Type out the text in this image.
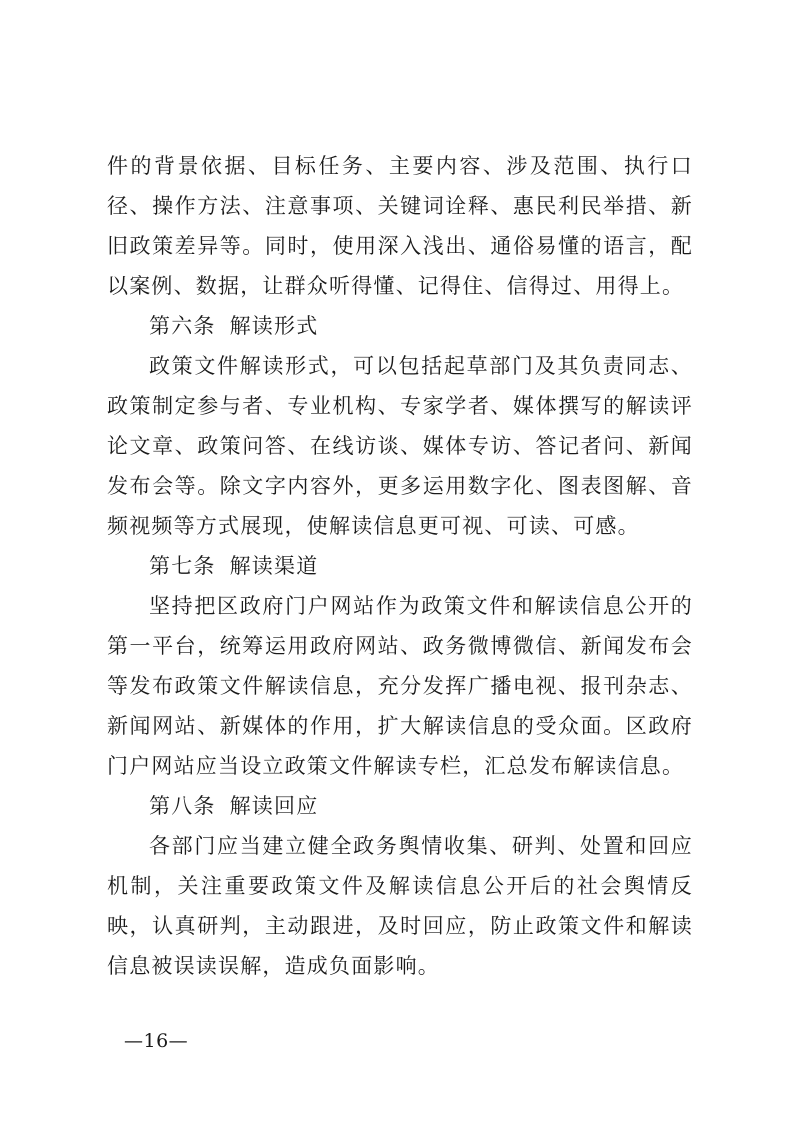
件的背景依据、目标任务、主要内容、涉及范围、执行口径、操作方法、注意事项、关键词诠释、惠民利民举措、新旧政策差异等。同时，使用深入浅出、通俗易懂的语言，配以案例、数据，让群众听得懂、记得住、信得过、用得上。

第六条 解读形式

政策文件解读形式，可以包括起草部门及其负责同志、政策制定参与者、专业机构、专家学者、媒体撰写的解读评论文章、政策问答、在线访谈、媒体专访、答记者问、新闻发布会等。除文字内容外，更多运用数字化、图表图解、音频视频等方式展现，使解读信息更可视、可读、可感。

第七条 解读渠道

坚持把区政府门户网站作为政策文件和解读信息公开的第一平台，统筹运用政府网站、政务微博微信、新闻发布会等发布政策文件解读信息，充分发挥广播电视、报刊杂志、新闻网站、新媒体的作用，扩大解读信息的受众面。区政府门户网站应当设立政策文件解读专栏，汇总发布解读信息。

第八条 解读回应

各部门应当建立健全政务舆情收集、研判、处置和回应机制，关注重要政策文件及解读信息公开后的社会舆情反映，认真研判，主动跟进，及时回应，防止政策文件和解读信息被误读误解，造成负面影响。

—16—
